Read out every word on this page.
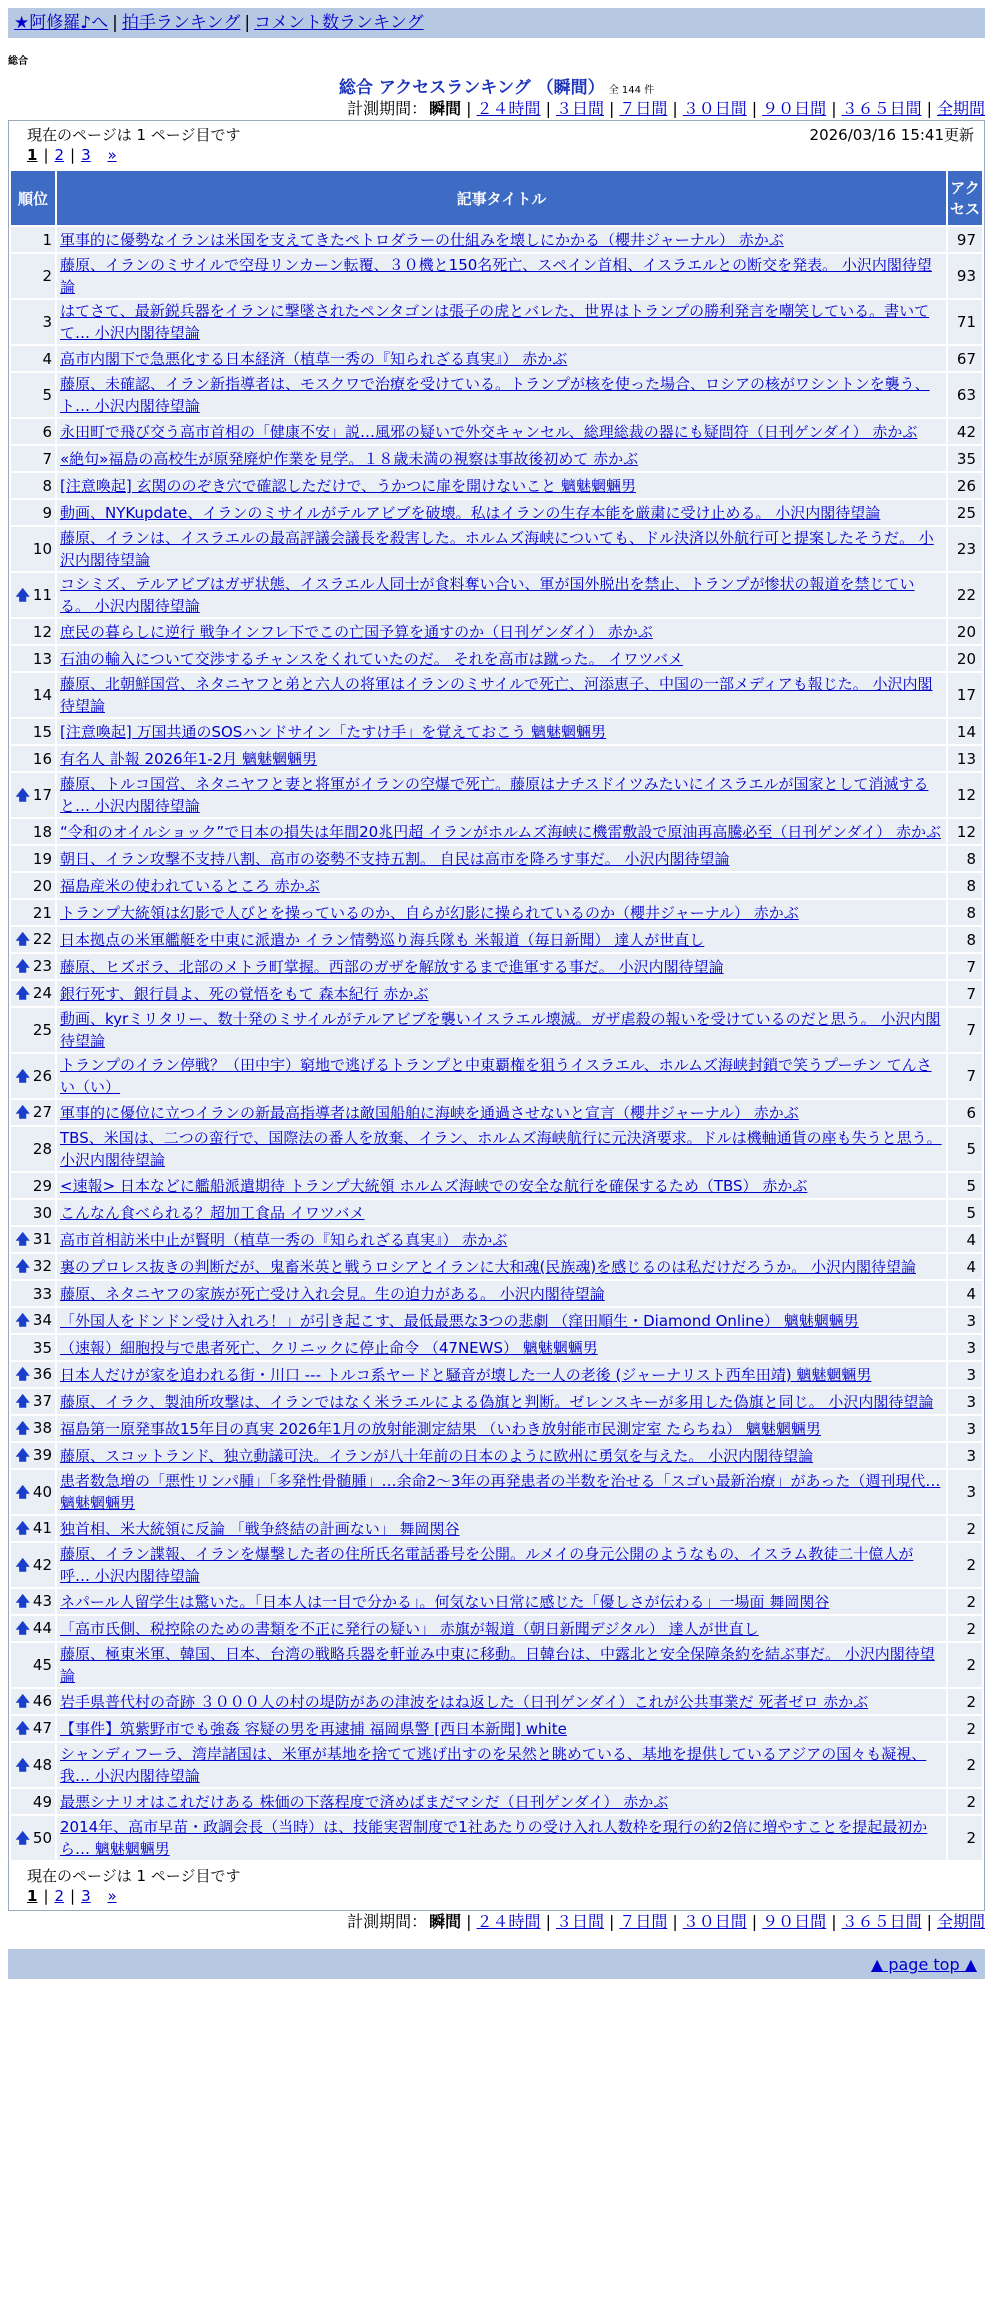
★阿修羅♪へ | 拍手ランキング | コメント数ランキング
総合
総合 アクセスランキング （瞬間） 全 144 件
計測期間： 瞬間 | ２４時間 | ３日間 | ７日間 | ３０日間 | ９０日間 | ３６５日間 | 全期間
現在のページは 1 ページ目です	2026/03/16 15:41更新
1 | 2 | 3 »
順位	記事タイトル	アクセス
1	軍事的に優勢なイランは米国を支えてきたペトロダラーの仕組みを壊しにかかる（櫻井ジャーナル） 赤かぶ	97
2	藤原、イランのミサイルで空母リンカーン転覆、３０機と150名死亡、スペイン首相、イスラエルとの断交を発表。 小沢内閣待望論	93
3	はてさて、最新鋭兵器をイランに撃墜されたペンタゴンは張子の虎とバレた、世界はトランプの勝利発言を嘲笑している。書いてて… 小沢内閣待望論	71
4	高市内閣下で急悪化する日本経済（植草一秀の『知られざる真実』） 赤かぶ	67
5	藤原、未確認、イラン新指導者は、モスクワで治療を受けている。トランプが核を使った場合、ロシアの核がワシントンを襲う、ト… 小沢内閣待望論	63
6	永田町で飛び交う高市首相の「健康不安」説…風邪の疑いで外交キャンセル、総理総裁の器にも疑問符（日刊ゲンダイ） 赤かぶ	42
7	«絶句»福島の高校生が原発廃炉作業を見学。１８歳未満の視察は事故後初めて 赤かぶ	35
8	[注意喚起] 玄関ののぞき穴で確認しただけで、うかつに扉を開けないこと 魑魅魍魎男	26
9	動画、NYKupdate、イランのミサイルがテルアビブを破壊。私はイランの生存本能を厳粛に受け止める。 小沢内閣待望論	25
10	藤原、イランは、イスラエルの最高評議会議長を殺害した。ホルムズ海峡についても、ドル決済以外航行可と提案したそうだ。 小沢内閣待望論	23
🡅 11	コシミズ、テルアビブはガザ状態、イスラエル人同士が食料奪い合い、軍が国外脱出を禁止、トランプが惨状の報道を禁じている。 小沢内閣待望論	22
12	庶民の暮らしに逆行 戦争インフレ下でこの亡国予算を通すのか（日刊ゲンダイ） 赤かぶ	20
13	石油の輸入について交渉するチャンスをくれていたのだ。 それを高市は蹴った。 イワツバメ	20
14	藤原、北朝鮮国営、ネタニヤフと弟と六人の将軍はイランのミサイルで死亡、河添恵子、中国の一部メディアも報じた。 小沢内閣待望論	17
15	[注意喚起] 万国共通のSOSハンドサイン「たすけ手」を覚えておこう 魑魅魍魎男	14
16	有名人 訃報 2026年1-2月 魑魅魍魎男	13
🡅 17	藤原、トルコ国営、ネタニヤフと妻と将軍がイランの空爆で死亡。藤原はナチスドイツみたいにイスラエルが国家として消滅すると… 小沢内閣待望論	12
18	“令和のオイルショック”で日本の損失は年間20兆円超 イランがホルムズ海峡に機雷敷設で原油再高騰必至（日刊ゲンダイ） 赤かぶ	12
19	朝日、イラン攻撃不支持八割、高市の姿勢不支持五割。 自民は高市を降ろす事だ。 小沢内閣待望論	8
20	福島産米の使われているところ 赤かぶ	8
21	トランプ大統領は幻影で人びとを操っているのか、自らが幻影に操られているのか（櫻井ジャーナル） 赤かぶ	8
🡅 22	日本拠点の米軍艦艇を中東に派遣か イラン情勢巡り海兵隊も 米報道（毎日新聞） 達人が世直し	8
🡅 23	藤原、ヒズボラ、北部のメトラ町掌握。西部のガザを解放するまで進軍する事だ。 小沢内閣待望論	7
🡅 24	銀行死す、銀行員よ、死の覚悟をもて 森本紀行 赤かぶ	7
25	動画、kyrミリタリー、数十発のミサイルがテルアビブを襲いイスラエル壊滅。ガザ虐殺の報いを受けているのだと思う。 小沢内閣待望論	7
🡅 26	トランプのイラン停戦？（田中宇）窮地で逃げるトランプと中東覇権を狙うイスラエル、ホルムズ海峡封鎖で笑うプーチン てんさい（い）	7
🡅 27	軍事的に優位に立つイランの新最高指導者は敵国船舶に海峡を通過させないと宣言（櫻井ジャーナル） 赤かぶ	6
28	TBS、米国は、二つの蛮行で、国際法の番人を放棄、イラン、ホルムズ海峡航行に元決済要求。ドルは機軸通貨の座も失うと思う。 小沢内閣待望論	5
29	<速報> 日本などに艦船派遣期待 トランプ大統領 ホルムズ海峡での安全な航行を確保するため（TBS） 赤かぶ	5
30	こんなん食べられる？超加工食品 イワツバメ	5
🡅 31	高市首相訪米中止が賢明（植草一秀の『知られざる真実』） 赤かぶ	4
🡅 32	裏のプロレス抜きの判断だが、鬼畜米英と戦うロシアとイランに大和魂(民族魂)を感じるのは私だけだろうか。 小沢内閣待望論	4
33	藤原、ネタニヤフの家族が死亡受け入れ会見。生の迫力がある。 小沢内閣待望論	4
🡅 34	「外国人をドンドン受け入れろ！」が引き起こす、最低最悪な3つの悲劇 （窪田順生・Diamond Online） 魑魅魍魎男	3
35	（速報）細胞投与で患者死亡、クリニックに停止命令 （47NEWS） 魑魅魍魎男	3
🡅 36	日本人だけが家を追われる街・川口 --- トルコ系ヤードと騒音が壊した一人の老後 (ジャーナリスト西牟田靖) 魑魅魍魎男	3
🡅 37	藤原、イラク、製油所攻撃は、イランではなく米ラエルによる偽旗と判断。ゼレンスキーが多用した偽旗と同じ。 小沢内閣待望論	3
🡅 38	福島第一原発事故15年目の真実 2026年1月の放射能測定結果 （いわき放射能市民測定室 たらちね） 魑魅魍魎男	3
🡅 39	藤原、スコットランド、独立動議可決。イランが八十年前の日本のように欧州に勇気を与えた。 小沢内閣待望論	3
🡅 40	患者数急増の「悪性リンパ腫」「多発性骨髄腫」…余命2～3年の再発患者の半数を治せる「スゴい最新治療」があった（週刊現代… 魑魅魍魎男	3
🡅 41	独首相、米大統領に反論 「戦争終結の計画ない」 舞岡関谷	2
🡅 42	藤原、イラン諜報、イランを爆撃した者の住所氏名電話番号を公開。ルメイの身元公開のようなもの、イスラム教徒二十億人が呼… 小沢内閣待望論	2
🡅 43	ネパール人留学生は驚いた。「日本人は一目で分かる」。何気ない日常に感じた「優しさが伝わる」一場面 舞岡関谷	2
🡅 44	「高市氏側、税控除のための書類を不正に発行の疑い」 赤旗が報道（朝日新聞デジタル） 達人が世直し	2
45	藤原、極東米軍、韓国、日本、台湾の戦略兵器を軒並み中東に移動。日韓台は、中露北と安全保障条約を結ぶ事だ。 小沢内閣待望論	2
🡅 46	岩手県普代村の奇跡 ３０００人の村の堤防があの津波をはね返した（日刊ゲンダイ）これが公共事業だ 死者ゼロ 赤かぶ	2
🡅 47	【事件】筑紫野市でも強姦 容疑の男を再逮捕 福岡県警 [西日本新聞] white	2
🡅 48	シャンディフーラ、湾岸諸国は、米軍が基地を捨てて逃げ出すのを呆然と眺めている、基地を提供しているアジアの国々も凝視、我… 小沢内閣待望論	2
49	最悪シナリオはこれだけある 株価の下落程度で済めばまだマシだ（日刊ゲンダイ） 赤かぶ	2
🡅 50	2014年、高市早苗・政調会長（当時）は、技能実習制度で1社あたりの受け入れ人数枠を現行の約2倍に増やすことを提起最初から… 魑魅魍魎男	2
現在のページは 1 ページ目です
1 | 2 | 3 »
計測期間： 瞬間 | ２４時間 | ３日間 | ７日間 | ３０日間 | ９０日間 | ３６５日間 | 全期間
▲ page top ▲
